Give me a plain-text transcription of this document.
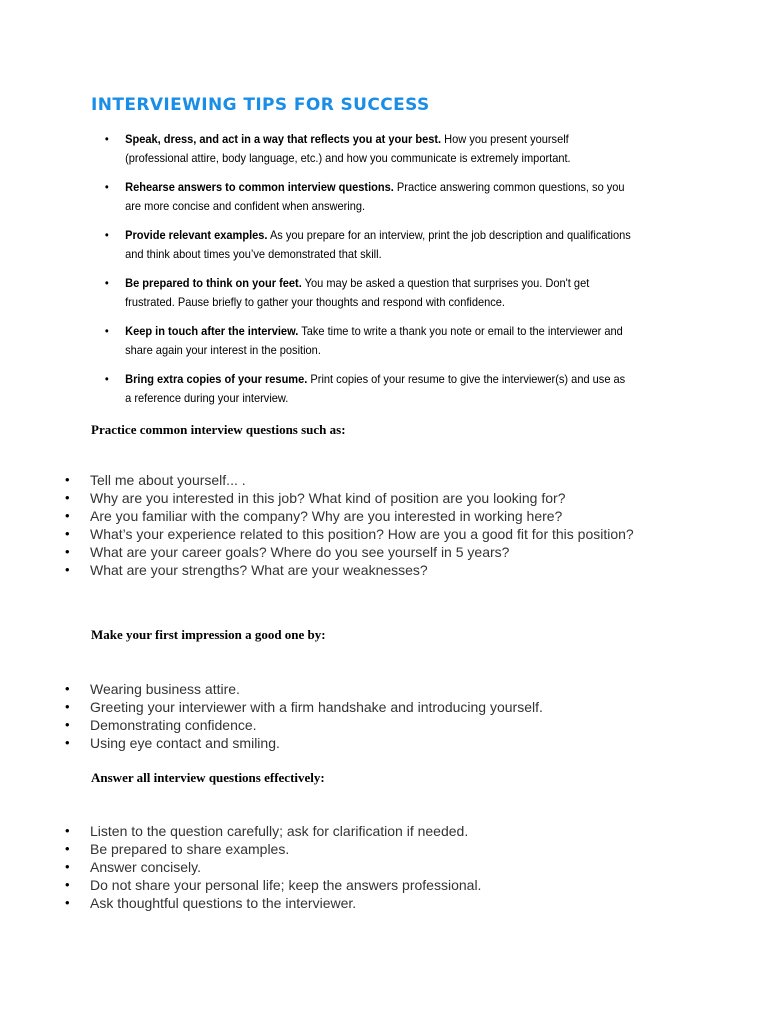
INTERVIEWING TIPS FOR SUCCESS
• Speak, dress, and act in a way that reflects you at your best. How you present yourself (professional attire, body language, etc.) and how you communicate is extremely important.
• Rehearse answers to common interview questions. Practice answering common questions, so you are more concise and confident when answering.
• Provide relevant examples. As you prepare for an interview, print the job description and qualifications and think about times you’ve demonstrated that skill.
• Be prepared to think on your feet. You may be asked a question that surprises you. Don't get frustrated. Pause briefly to gather your thoughts and respond with confidence.
• Keep in touch after the interview. Take time to write a thank you note or email to the interviewer and share again your interest in the position.
• Bring extra copies of your resume. Print copies of your resume to give the interviewer(s) and use as a reference during your interview.
Practice common interview questions such as:
• Tell me about yourself... .
• Why are you interested in this job? What kind of position are you looking for?
• Are you familiar with the company? Why are you interested in working here?
• What’s your experience related to this position? How are you a good fit for this position?
• What are your career goals? Where do you see yourself in 5 years?
• What are your strengths? What are your weaknesses?
Make your first impression a good one by:
• Wearing business attire.
• Greeting your interviewer with a firm handshake and introducing yourself.
• Demonstrating confidence.
• Using eye contact and smiling.
Answer all interview questions effectively:
• Listen to the question carefully; ask for clarification if needed.
• Be prepared to share examples.
• Answer concisely.
• Do not share your personal life; keep the answers professional.
• Ask thoughtful questions to the interviewer.
